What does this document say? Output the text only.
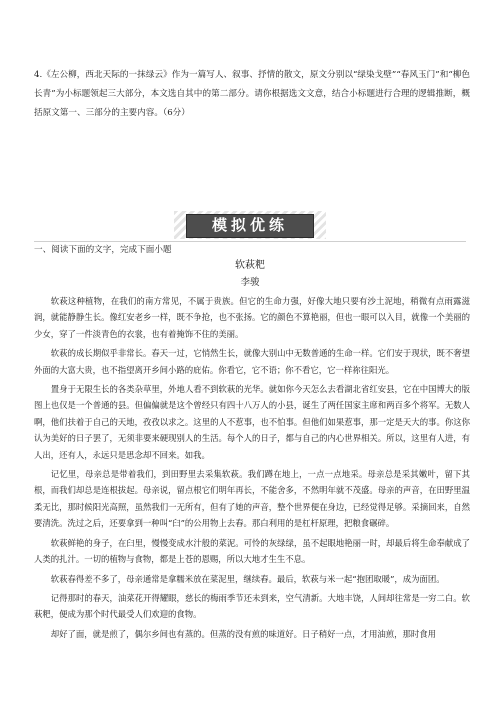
4.《左公柳，西北天际的一抹绿云》作为一篇写人、叙事、抒情的散文，原文分别以“绿染戈壁”“春风玉门”和“柳色长青”为小标题领起三大部分，本文选自其中的第二部分。请你根据选文文意，结合小标题进行合理的逻辑推断，概括原文第一、三部分的主要内容。（6分）
模拟优练
一、阅读下面的文字，完成下面小题
软萩粑
李骏

软萩这种植物，在我们的南方常见，不属于贵族。但它的生命力强，好像大地只要有沙土泥地，稍微有点雨露滋润，就能静静生长。像红安老乡一样，既不争抢，也不张扬。它的颜色不算艳丽，但也一眼可以入目，就像一个美丽的少女，穿了一件淡青色的衣裳，也有着掩饰不住的美丽。

软萩的成长期似乎非常长。春天一过，它悄然生长，就像大别山中无数普通的生命一样。它们安于现状，既不奢望外面的大富大贵，也不指望离开乡间小路的庇佑。你看它，它不语；你不看它，它一样祢往阳光。

置身于无限生长的各类杂草里，外地人看不到软萩的光华。就如你今天怎么去看湖北省红安县，它在中国博大的版图上也仅是一个普通的县。但偏偏就是这个曾经只有四十八万人的小县，诞生了两任国家主席和两百多个将军。无数人啊，他们扶着于自己的天地，孜孜以求之。这里的人不惹事，也不怕事。但他们如果惹事，那一定是天大的事。你这你认为美好的日子罢了，无须非要来硬现别人的生活。每个人的日子，都与自己的内心世界相关。所以，这里有人进，有人出，还有人，永远只是思念却不回来。如我。

记忆里，母亲总是带着我们，到田野里去采集软萩。我们蹲在地上，一点一点地采。母亲总是采其嫩叶，留下其根，而我们却总是连根拔起。母亲说，留点根它们明年再长，不能舍多，不然明年就不茂盛。母亲的声音，在田野里温柔无比，那时候阳光高照，虽然我们一无所有，但有了她的声音，整个世界便在身边，已经觉得足够。采摘回来，自然要清洗。洗过之后，还要拿到一种叫“臼”的公用物上去舂。那白利用的是杠杆原理，把粮食碾碎。

软萩鲜艳的身子，在臼里，慢慢变成水汁般的菜泥。可怜的灰绿绿，虽不起眼地艳丽一时，却最后将生命奉献成了人类的扎汁。一切的植物与食物，都是上苍的恩赐，所以大地才生生不息。

软萩春得差不多了，母亲通常是拿糯米放在菜泥里，继续舂。最后，软萩与米一起“抱团取暖”，成为面团。

记得那时的春天，油菜花开得耀眼，慈长的梅雨季节还未到来，空气清新。大地丰饶，人间却往常是一穷二白。软萩粑，便成为那个时代最受人们欢迎的食物。

却好了面，就是煎了，偶尔乡间也有蒸的。但蒸的没有煎的味道好。日子稍好一点，才用油煎，那时食用
